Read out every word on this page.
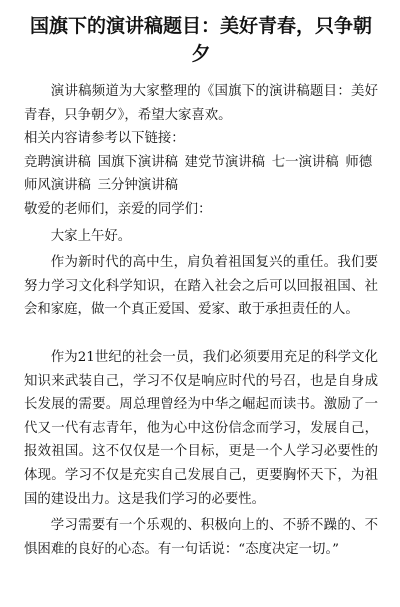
国旗下的演讲稿题目：美好青春，只争朝夕

演讲稿频道为大家整理的《国旗下的演讲稿题目：美好青春，只争朝夕》，希望大家喜欢。

相关内容请参考以下链接：

竞聘演讲稿 国旗下演讲稿 建党节演讲稿 七一演讲稿 师德师风演讲稿 三分钟演讲稿

敬爱的老师们，亲爱的同学们：

大家上午好。

作为新时代的高中生，肩负着祖国复兴的重任。我们要努力学习文化科学知识，在踏入社会之后可以回报祖国、社会和家庭，做一个真正爱国、爱家、敢于承担责任的人。

作为21世纪的社会一员，我们必须要用充足的科学文化知识来武装自己，学习不仅是响应时代的号召，也是自身成长发展的需要。周总理曾经为中华之崛起而读书。激励了一代又一代有志青年，他为心中这份信念而学习，发展自己，报效祖国。这不仅仅是一个目标，更是一个人学习必要性的体现。学习不仅是充实自己发展自己，更要胸怀天下，为祖国的建设出力。这是我们学习的必要性。

学习需要有一个乐观的、积极向上的、不骄不躁的、不惧困难的良好的心态。有一句话说：“态度决定一切。”
